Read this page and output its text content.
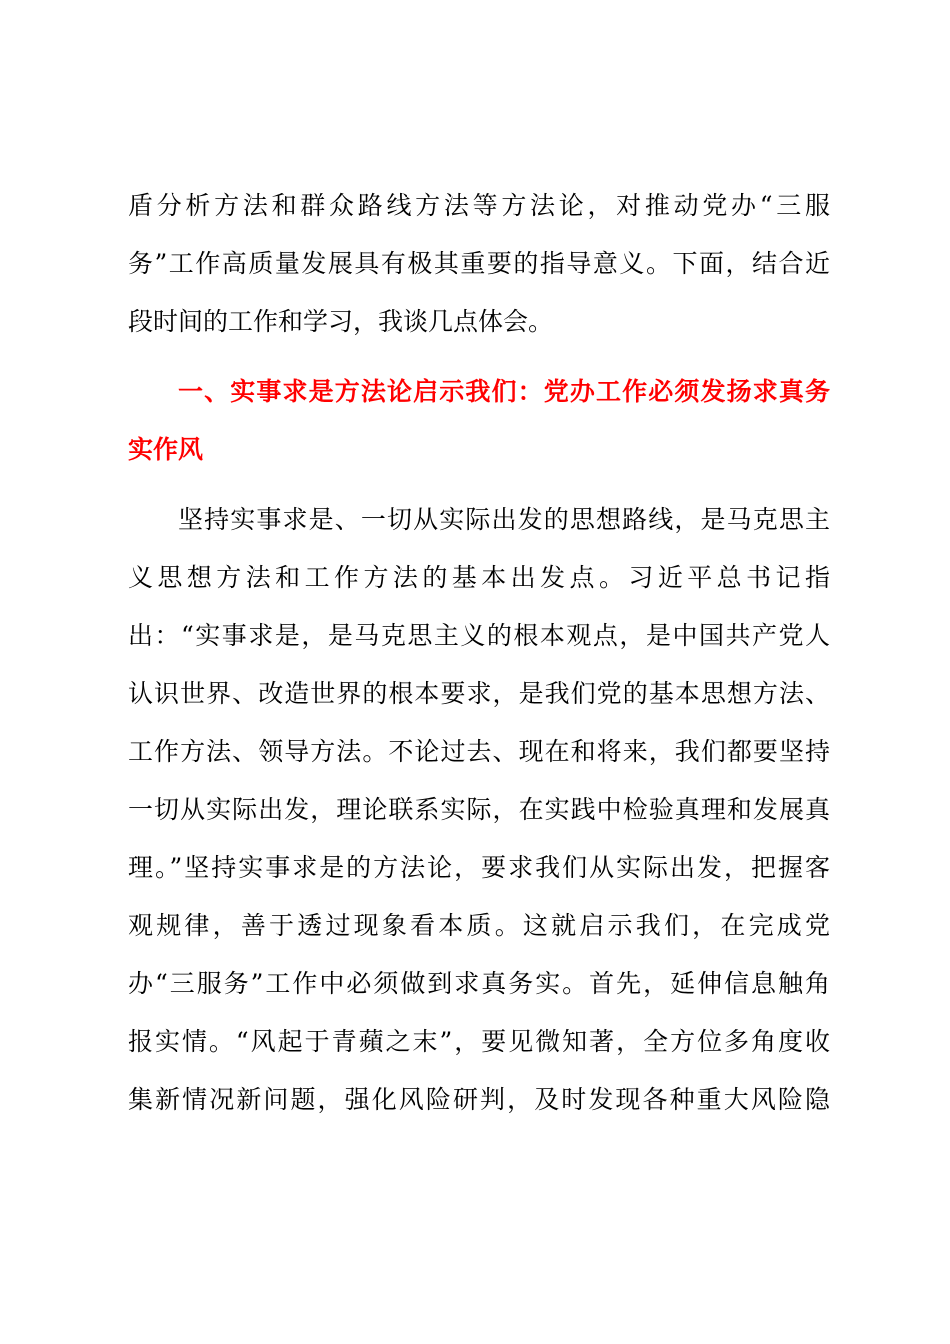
盾分析方法和群众路线方法等方法论，对推动党办“三服
务”工作高质量发展具有极其重要的指导意义。下面，结合近
段时间的工作和学习，我谈几点体会。
一、实事求是方法论启示我们：党办工作必须发扬求真务
实作风
坚持实事求是、一切从实际出发的思想路线，是马克思主
义思想方法和工作方法的基本出发点。习近平总书记指
出：“实事求是，是马克思主义的根本观点，是中国共产党人
认识世界、改造世界的根本要求，是我们党的基本思想方法、
工作方法、领导方法。不论过去、现在和将来，我们都要坚持
一切从实际出发，理论联系实际，在实践中检验真理和发展真
理。”坚持实事求是的方法论，要求我们从实际出发，把握客
观规律，善于透过现象看本质。这就启示我们，在完成党
办“三服务”工作中必须做到求真务实。首先，延伸信息触角
报实情。“风起于青蘋之末”，要见微知著，全方位多角度收
集新情况新问题，强化风险研判，及时发现各种重大风险隐
